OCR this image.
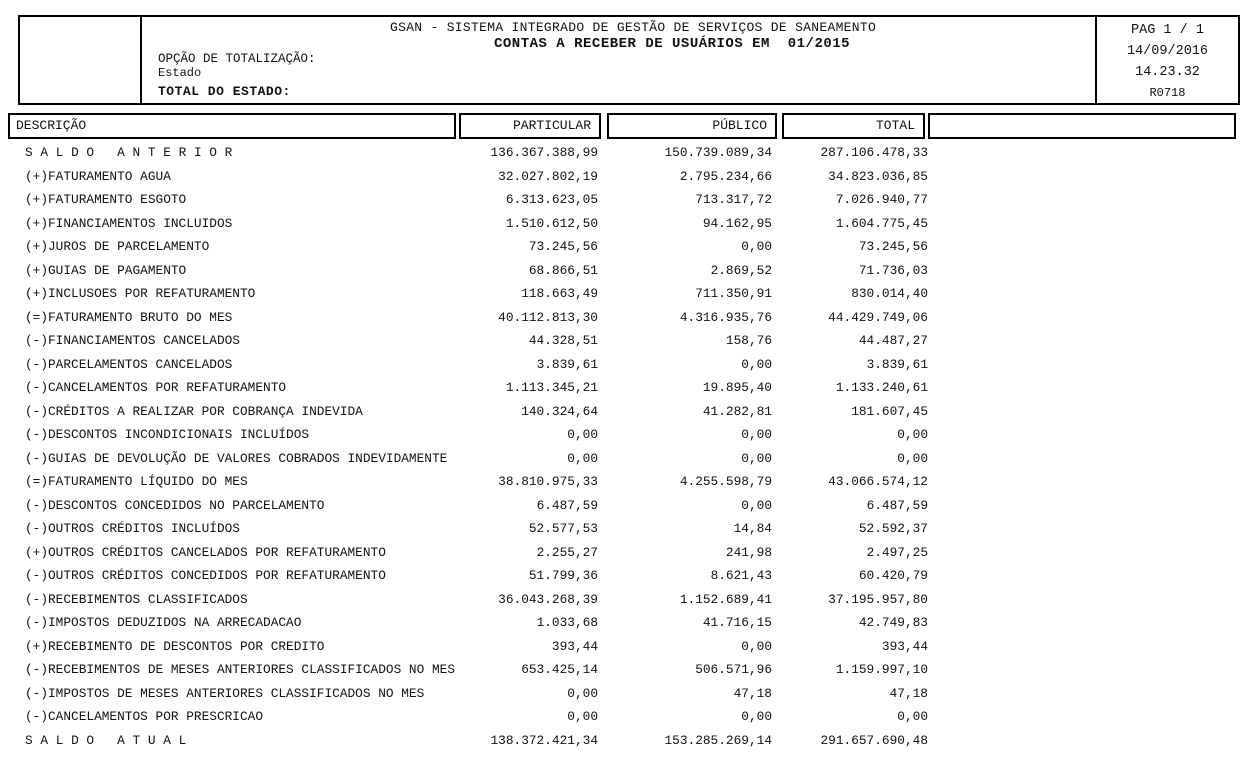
GSAN - SISTEMA INTEGRADO DE GESTÃO DE SERVIÇOS DE SANEAMENTO
CONTAS A RECEBER DE USUÁRIOS EM  01/2015
OPÇÃO DE TOTALIZAÇÃO:
Estado
TOTAL DO ESTADO:
PAG 1 / 1
14/09/2016
14.23.32
R0718
DESCRIÇÃO	PARTICULAR	PÚBLICO	TOTAL
S A L D O   A N T E R I O R	136.367.388,99	150.739.089,34	287.106.478,33
(+)FATURAMENTO AGUA	32.027.802,19	2.795.234,66	34.823.036,85
(+)FATURAMENTO ESGOTO	6.313.623,05	713.317,72	7.026.940,77
(+)FINANCIAMENTOS INCLUIDOS	1.510.612,50	94.162,95	1.604.775,45
(+)JUROS DE PARCELAMENTO	73.245,56	0,00	73.245,56
(+)GUIAS DE PAGAMENTO	68.866,51	2.869,52	71.736,03
(+)INCLUSOES POR REFATURAMENTO	118.663,49	711.350,91	830.014,40
(=)FATURAMENTO BRUTO DO MES	40.112.813,30	4.316.935,76	44.429.749,06
(-)FINANCIAMENTOS CANCELADOS	44.328,51	158,76	44.487,27
(-)PARCELAMENTOS CANCELADOS	3.839,61	0,00	3.839,61
(-)CANCELAMENTOS POR REFATURAMENTO	1.113.345,21	19.895,40	1.133.240,61
(-)CRÉDITOS A REALIZAR POR COBRANÇA INDEVIDA	140.324,64	41.282,81	181.607,45
(-)DESCONTOS INCONDICIONAIS INCLUÍDOS	0,00	0,00	0,00
(-)GUIAS DE DEVOLUÇÃO DE VALORES COBRADOS INDEVIDAMENTE	0,00	0,00	0,00
(=)FATURAMENTO LÍQUIDO DO MES	38.810.975,33	4.255.598,79	43.066.574,12
(-)DESCONTOS CONCEDIDOS NO PARCELAMENTO	6.487,59	0,00	6.487,59
(-)OUTROS CRÉDITOS INCLUÍDOS	52.577,53	14,84	52.592,37
(+)OUTROS CRÉDITOS CANCELADOS POR REFATURAMENTO	2.255,27	241,98	2.497,25
(-)OUTROS CRÉDITOS CONCEDIDOS POR REFATURAMENTO	51.799,36	8.621,43	60.420,79
(-)RECEBIMENTOS CLASSIFICADOS	36.043.268,39	1.152.689,41	37.195.957,80
(-)IMPOSTOS DEDUZIDOS NA ARRECADACAO	1.033,68	41.716,15	42.749,83
(+)RECEBIMENTO DE DESCONTOS POR CREDITO	393,44	0,00	393,44
(-)RECEBIMENTOS DE MESES ANTERIORES CLASSIFICADOS NO MES	653.425,14	506.571,96	1.159.997,10
(-)IMPOSTOS DE MESES ANTERIORES CLASSIFICADOS NO MES	0,00	47,18	47,18
(-)CANCELAMENTOS POR PRESCRICAO	0,00	0,00	0,00
S A L D O   A T U A L	138.372.421,34	153.285.269,14	291.657.690,48
